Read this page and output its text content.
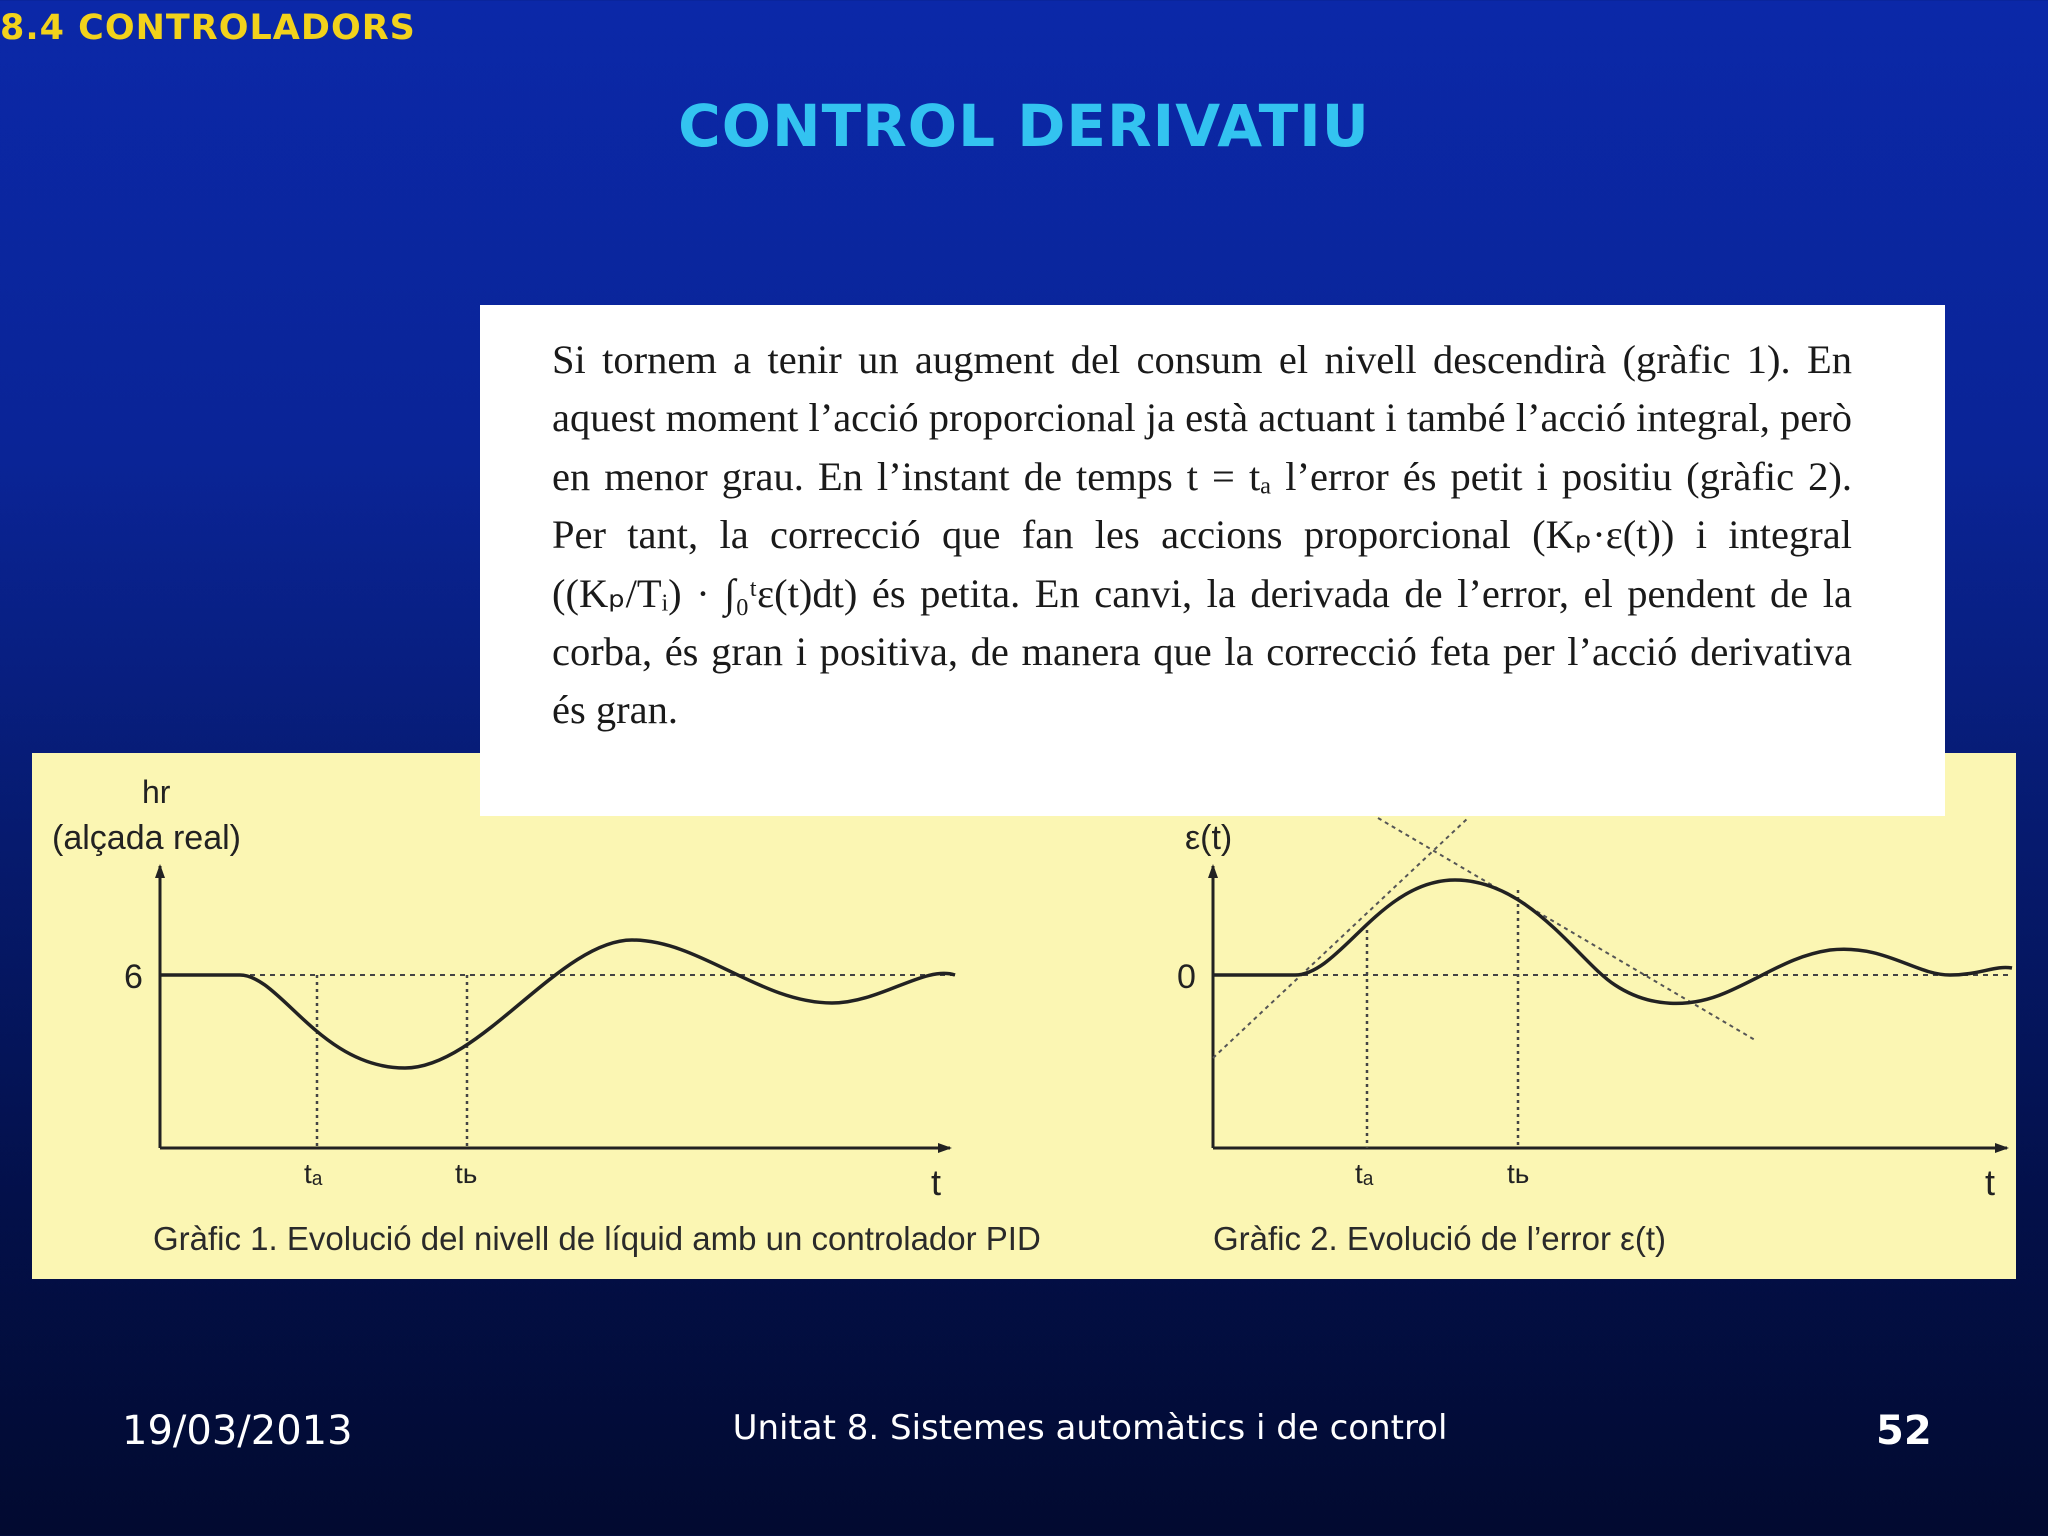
8.4 CONTROLADORS
CONTROL DERIVATIU
hr
(alçada real)
6
tₐ	tь	t
ε(t)
0
tₐ	tь	t
Gràfic 1. Evolució del nivell de líquid amb un controlador PID	Gràfic 2. Evolució de l’error ε(t)

Si tornem a tenir un augment del consum el nivell descendirà (gràfic 1). En aquest moment l’acció proporcional ja està actuant i també l’acció integral, però en menor grau. En l’instant de temps t = tₐ l’error és petit i positiu (gràfic 2). Per tant, la correcció que fan les accions proporcional (Kₚ·ε(t)) i integral ((Kₚ/Tᵢ) · ∫₀ᵗε(t)dt) és petita. En canvi, la derivada de l’error, el pendent de la corba, és gran i positiva, de manera que la correcció feta per l’acció derivativa és gran.

19/03/2013	Unitat 8. Sistemes automàtics i de control	52
